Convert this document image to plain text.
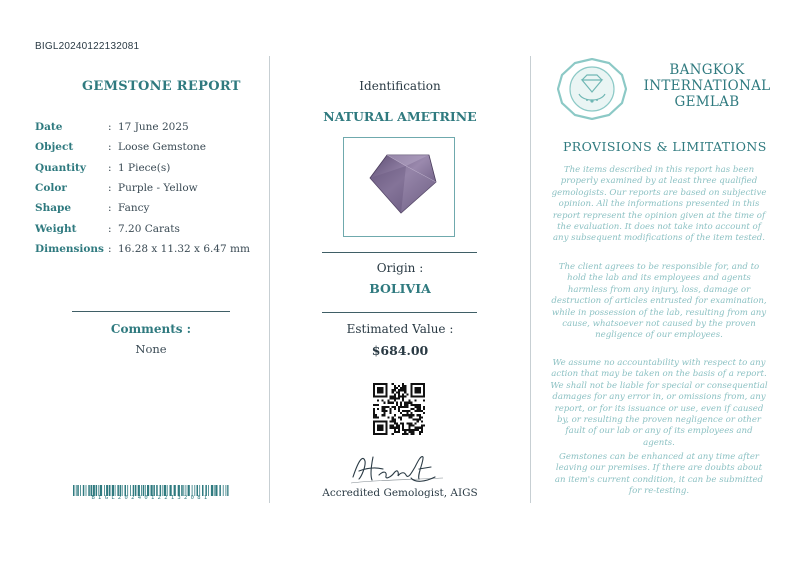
BIGL20240122132081
GEMSTONE REPORT
Date	:	17 June 2025
Object	:	Loose Gemstone
Quantity	:	1 Piece(s)
Color	:	Purple - Yellow
Shape	:	Fancy
Weight	:	7.20 Carats
Dimensions	:	16.28 x 11.32 x 6.47 mm
Comments :
None
BIGL20240122132081
Identification
NATURAL AMETRINE
Origin :
BOLIVIA
Estimated Value :
$684.00
Accredited Gemologist, AIGS
BANGKOK
INTERNATIONAL
GEMLAB
PROVISIONS & LIMITATIONS
The items described in this report has been properly examined by at least three qualified gemologists. Our reports are based on subjective opinion. All the informations presented in this report represent the opinion given at the time of the evaluation. It does not take into account of any subsequent modifications of the item tested.
The client agrees to be responsible for, and to hold the lab and its employees and agents harmless from any injury, loss, damage or destruction of articles entrusted for examination, while in possession of the lab, resulting from any cause, whatsoever not caused by the proven negligence of our employees.
We assume no accountability with respect to any action that may be taken on the basis of a report. We shall not be liable for special or consequential damages for any error in, or omissions from, any report, or for its issuance or use, even if caused by, or resulting the proven negligence or other fault of our lab or any of its employees and agents.
Gemstones can be enhanced at any time after leaving our premises. If there are doubts about an item's current condition, it can be submitted for re-testing.
